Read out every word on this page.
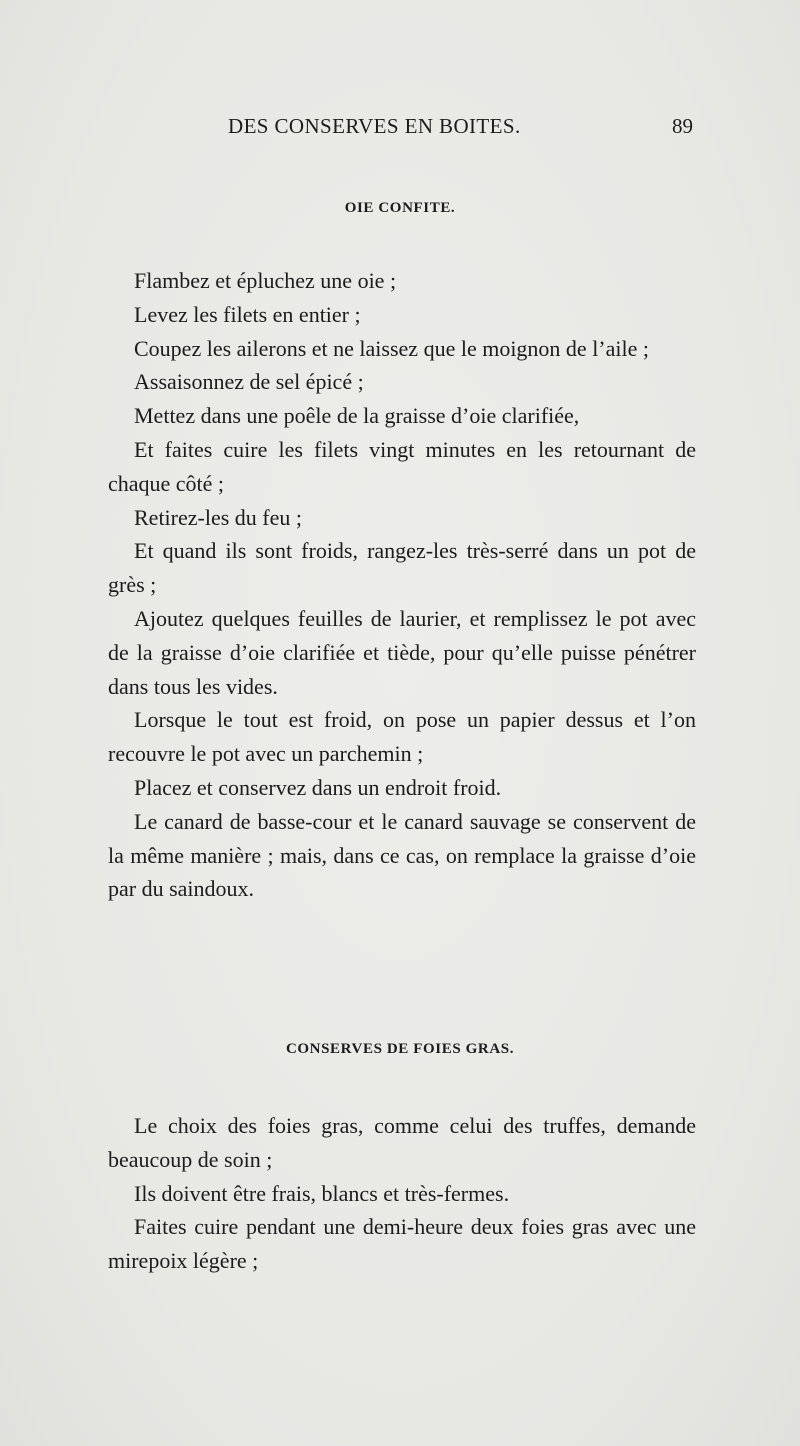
DES CONSERVES EN BOITES.	89
OIE CONFITE.

Flambez et épluchez une oie ;

Levez les filets en entier ;

Coupez les ailerons et ne laissez que le moignon de l’aile ;

Assaisonnez de sel épicé ;

Mettez dans une poêle de la graisse d’oie clarifiée,

Et faites cuire les filets vingt minutes en les retournant de chaque côté ;

Retirez-les du feu ;

Et quand ils sont froids, rangez-les très-serré dans un pot de grès ;

Ajoutez quelques feuilles de laurier, et remplissez le pot avec de la graisse d’oie clarifiée et tiède, pour qu’elle puisse pénétrer dans tous les vides.

Lorsque le tout est froid, on pose un papier dessus et l’on recouvre le pot avec un parchemin ;

Placez et conservez dans un endroit froid.

Le canard de basse-cour et le canard sauvage se conservent de la même manière ; mais, dans ce cas, on remplace la graisse d’oie par du saindoux.

CONSERVES DE FOIES GRAS.

Le choix des foies gras, comme celui des truffes, demande beaucoup de soin ;

Ils doivent être frais, blancs et très-fermes.

Faites cuire pendant une demi-heure deux foies gras avec une mirepoix légère ;
